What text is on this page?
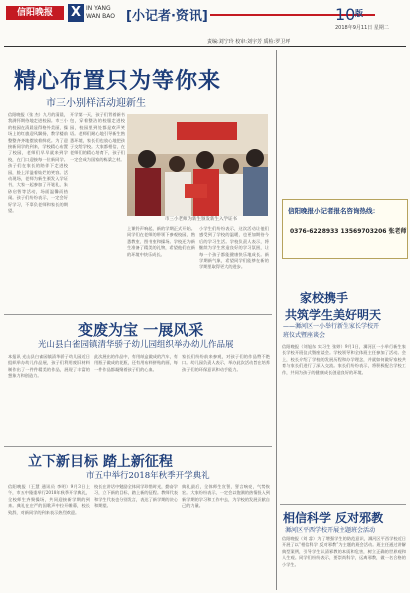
信阳晚报	X IN YANG
WAN BAO [小记者·资讯]	10 版
2018年9月11日 星期二
责编:刘宁玲 校审:刘宇芳 质检:罗卫坪
精心布置只为等你来
市三小别样活动迎新生
信阳晚报（张 杰）九月的清晨，我满怀期待地走进校园。市三小的校园在清晨显得格外美丽，操场上的红旗迎风飘扬，教学楼前整整齐齐地摆放着鲜花。为了迎接新同学的到来，学校精心布置了校园，老师们早早就来到学校，在门口迎接每一位新同学。孩子们在家长的陪伴下走进校园，脸上洋溢着灿烂的笑容。活动现场，老师为新生颁发入学证书，大家一起参加了开笔礼、朱砂启智等活动，场面温馨而热闹。孩子们纷纷表示，一定会好好学习，不辜负老师和家长的期望。
开学第一天，孩子们背着新书包，穿着整洁的校服走进校园，校园里到处都是欢声笑语。老师们耐心地引导新生熟悉环境，家长们也放心地把孩子交给学校。大家都相信，在老师们的精心培育下，孩子们一定会成为国家的栋梁之材。
市三小老师为新生颁发新生入学证书
上课铃声响起，新的学期正式开始。同学们在老师的带领下参观校园，熟悉教室、图书室和操场。学校还为新生准备了精美的礼物，希望他们在新的环境中快乐成长。
小学生们纷纷表示，这次活动让他们感受到了学校的温暖，也更加期待今后的学习生活。学校负责人表示，将继续为学生营造良好的学习氛围，让每一个孩子都能健康快乐地成长。新学期新气象，希望同学们能够在新的学期里取得更大的进步。
变废为宝 一展风采
光山县白雀园镇清华骄子幼儿园组织举办幼儿作品展
本报讯 光山县白雀园镇清华骄子幼儿园近日组织举办幼儿作品展，孩子们利用废旧材料制作出了一件件精美的作品，展现了丰富的想象力和创造力。
此次展出的作品中，有用纸盒做成的汽车，有用瓶子做成的花瓶，还有用布料拼贴的画，每一件作品都凝聚着孩子们的心血。
家长们纷纷前来参观，对孩子们的作品赞不绝口。幼儿园负责人表示，举办此次活动旨在培养孩子们的环保意识和动手能力。
立下新目标 踏上新征程
市五中举行2018年秋季开学典礼
信阳晚报（王慧 通讯员 李明）9月3日上午，市五中隆重举行2018年秋季开学典礼，全校师生齐聚操场，共同迎接新学期的到来。典礼在庄严的国歌声中拉开帷幕，校长致辞，对新同学的到来表示热烈欢迎。
校长在讲话中勉励全体同学珍惜时光，勤奋学习，立下新的目标，踏上新的征程。教师代表和学生代表也分别发言，表达了新学期的决心和期望。
典礼最后，全体师生宣誓，誓言响亮，气势恢宏。大家纷纷表示，一定会以饱满的热情投入到新学期的学习和工作中去，为学校的发展贡献自己的力量。
信阳晚报小记者报名咨询热线：
0376-6228933 13569703206 张老师
家校携手
共筑学生美好明天
——浉河区一小举行新生家长学校开
班仪式暨座谈会
信阳晚报（刘旭东 实习生 张婷）9月1日，浉河区一小举行新生家长学校开班仪式暨座谈会。学校领导和全体班主任参加了活动。会上，校长介绍了学校的发展历程和办学理念，并就如何做好家校共育与家长们进行了深入交流。家长们纷纷表示，将积极配合学校工作，共同为孩子的健康成长创造良好的环境。
相信科学 反对邪教
浉河区平西学校开展主题班会活动
信阳晚报（刘 睿）为了增强学生的防范意识，浉河区平西学校近日开展了以“相信科学 反对邪教”为主题的班会活动。班主任通过讲解典型案例，引导学生认清邪教的本质和危害，树立正确的世界观和人生观。同学们纷纷表示，要崇尚科学，远离邪教，做一名合格的小学生。
